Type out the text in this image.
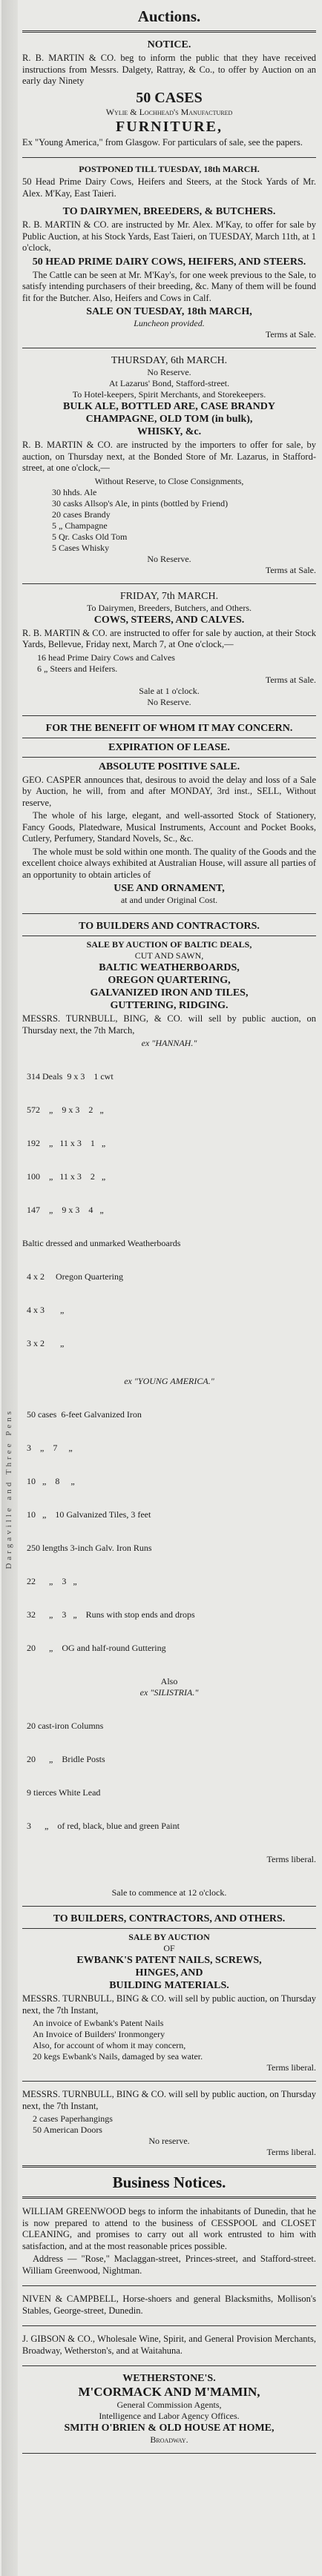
Dargaville and Three Pens
Auctions.
NOTICE.
R. B. MARTIN & CO. beg to inform the public that they have received instructions from Messrs. Dalgety, Rattray, & Co., to offer by Auction on an early day Ninety
50 CASES
Wylie & Lochhead's Manufactured
FURNITURE,
Ex "Young America," from Glasgow. For particulars of sale, see the papers.
POSTPONED TILL TUESDAY, 18th MARCH.
50 Head Prime Dairy Cows, Heifers and Steers, at the Stock Yards of Mr. Alex. M'Kay, East Taieri.
TO DAIRYMEN, BREEDERS, & BUTCHERS.
R. B. MARTIN & CO. are instructed by Mr. Alex. M'Kay, to offer for sale by Public Auction, at his Stock Yards, East Taieri, on TUESDAY, March 11th, at 1 o'clock,
50 HEAD PRIME DAIRY COWS, HEIFERS, AND STEERS.
The Cattle can be seen at Mr. M'Kay's, for one week previous to the Sale, to satisfy intending purchasers of their breeding, &c. Many of them will be found fit for the Butcher. Also, Heifers and Cows in Calf.
SALE ON TUESDAY, 18th MARCH,
Luncheon provided.
Terms at Sale.
THURSDAY, 6th MARCH.
No Reserve.
At Lazarus' Bond, Stafford-street.
To Hotel-keepers, Spirit Merchants, and Storekeepers.
BULK ALE, BOTTLED ARE, CASE BRANDY
CHAMPAGNE, OLD TOM (in bulk),
WHISKY, &c.
R. B. MARTIN & CO. are instructed by the importers to offer for sale, by auction, on Thursday next, at the Bonded Store of Mr. Lazarus, in Stafford-street, at one o'clock,—
Without Reserve, to Close Consignments,
30 hhds. Ale
30 casks Allsop's Ale, in pints (bottled by Friend)
20 cases Brandy
5 „ Champagne
5 Qr. Casks Old Tom
5 Cases Whisky
No Reserve.
Terms at Sale.
FRIDAY, 7th MARCH.
To Dairymen, Breeders, Butchers, and Others.
COWS, STEERS, AND CALVES.
R. B. MARTIN & CO. are instructed to offer for sale by auction, at their Stock Yards, Bellevue, Friday next, March 7, at One o'clock,—
16 head Prime Dairy Cows and Calves
6 „ Steers and Heifers.
Terms at Sale.
Sale at 1 o'clock.
No Reserve.
FOR THE BENEFIT OF WHOM IT MAY CONCERN.
EXPIRATION OF LEASE.
ABSOLUTE POSITIVE SALE.
GEO. CASPER announces that, desirous to avoid the delay and loss of a Sale by Auction, he will, from and after MONDAY, 3rd inst., SELL, Without reserve,
The whole of his large, elegant, and well-assorted Stock of Stationery, Fancy Goods, Platedware, Musical Instruments, Account and Pocket Books, Cutlery, Perfumery, Standard Novels, Sc., &c.
The whole must be sold within one month. The quality of the Goods and the excellent choice always exhibited at Australian House, will assure all parties of an opportunity to obtain articles of
USE AND ORNAMENT,
at and under Original Cost.
TO BUILDERS AND CONTRACTORS.
SALE BY AUCTION OF BALTIC DEALS,
CUT AND SAWN,
BALTIC WEATHERBOARDS,
OREGON QUARTERING,
GALVANIZED IRON AND TILES,
GUTTERING, RIDGING.
MESSRS. TURNBULL, BING, & CO. will sell by public auction, on Thursday next, the 7th March,
ex "HANNAH."

314 Deals  9 x 3    1 cwt

572    „    9 x 3    2   „

192    „   11 x 3    1   „

100    „   11 x 3    2   „

147    „    9 x 3    4   „

Baltic dressed and unmarked Weatherboards

4 x 2     Oregon Quartering

4 x 3       „

3 x 2       „

ex "YOUNG AMERICA."

50 cases  6-feet Galvanized Iron

3    „    7     „

10   „    8     „

10   „    10 Galvanized Tiles, 3 feet

250 lengths 3-inch Galv. Iron Runs

22      „    3   „

32      „    3   „    Runs with stop ends and drops

20      „    OG and half-round Guttering

Also
ex "SILISTRIA."

20 cast-iron Columns

20      „    Bridle Posts

9 tierces White Lead

3      „    of red, black, blue and green Paint

Terms liberal.

Sale to commence at 12 o'clock.
TO BUILDERS, CONTRACTORS, AND OTHERS.
SALE BY AUCTION
OF
EWBANK'S PATENT NAILS, SCREWS,
HINGES, AND
BUILDING MATERIALS.
MESSRS. TURNBULL, BING & CO. will sell by public auction, on Thursday next, the 7th Instant,
An invoice of Ewbank's Patent Nails
An Invoice of Builders' Ironmongery
Also, for account of whom it may concern,
20 kegs Ewbank's Nails, damaged by sea water.
Terms liberal.
MESSRS. TURNBULL, BING & CO. will sell by public auction, on Thursday next, the 7th Instant,
2 cases Paperhangings
50 American Doors
No reserve.
Terms liberal.
Business Notices.
WILLIAM GREENWOOD begs to inform the inhabitants of Dunedin, that he is now prepared to attend to the business of CESSPOOL and CLOSET CLEANING, and promises to carry out all work entrusted to him with satisfaction, and at the most reasonable prices possible.
Address — "Rose," Maclaggan-street, Princes-street, and Stafford-street. William Greenwood, Nightman.
NIVEN & CAMPBELL, Horse-shoers and general Blacksmiths, Mollison's Stables, George-street, Dunedin.
J. GIBSON & CO., Wholesale Wine, Spirit, and General Provision Merchants, Broadway, Wetherston's, and at Waitahuna.
WETHERSTONE'S.
M'CORMACK AND M'MAMIN,
General Commission Agents,
Intelligence and Labor Agency Offices.
SMITH O'BRIEN & OLD HOUSE AT HOME,
Broadway.
